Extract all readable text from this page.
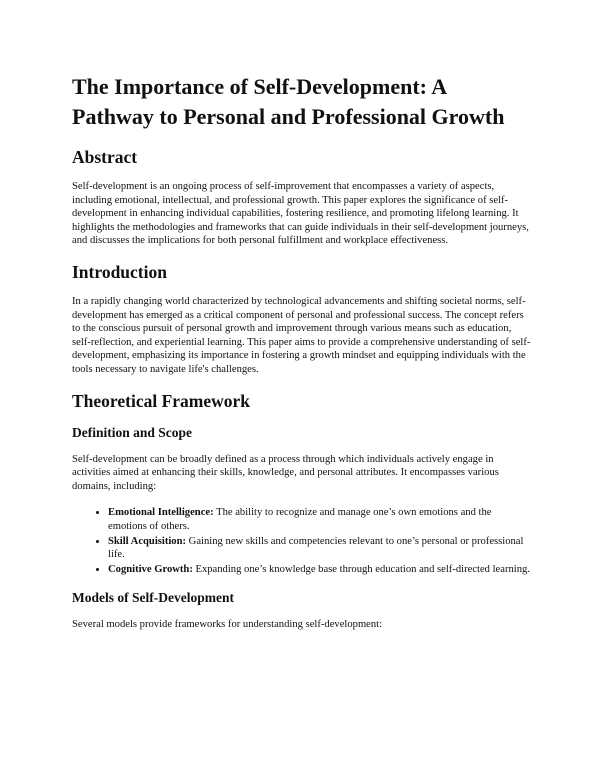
The Importance of Self-Development: A Pathway to Personal and Professional Growth
Abstract

Self-development is an ongoing process of self-improvement that encompasses a variety of aspects, including emotional, intellectual, and professional growth. This paper explores the significance of self-development in enhancing individual capabilities, fostering resilience, and promoting lifelong learning. It highlights the methodologies and frameworks that can guide individuals in their self-development journeys, and discusses the implications for both personal fulfillment and workplace effectiveness.

Introduction

In a rapidly changing world characterized by technological advancements and shifting societal norms, self-development has emerged as a critical component of personal and professional success. The concept refers to the conscious pursuit of personal growth and improvement through various means such as education, self-reflection, and experiential learning. This paper aims to provide a comprehensive understanding of self-development, emphasizing its importance in fostering a growth mindset and equipping individuals with the tools necessary to navigate life's challenges.

Theoretical Framework
Definition and Scope

Self-development can be broadly defined as a process through which individuals actively engage in activities aimed at enhancing their skills, knowledge, and personal attributes. It encompasses various domains, including:

• Emotional Intelligence: The ability to recognize and manage one’s own emotions and the emotions of others.
• Skill Acquisition: Gaining new skills and competencies relevant to one’s personal or professional life.
• Cognitive Growth: Expanding one’s knowledge base through education and self-directed learning.
Models of Self-Development

Several models provide frameworks for understanding self-development:
